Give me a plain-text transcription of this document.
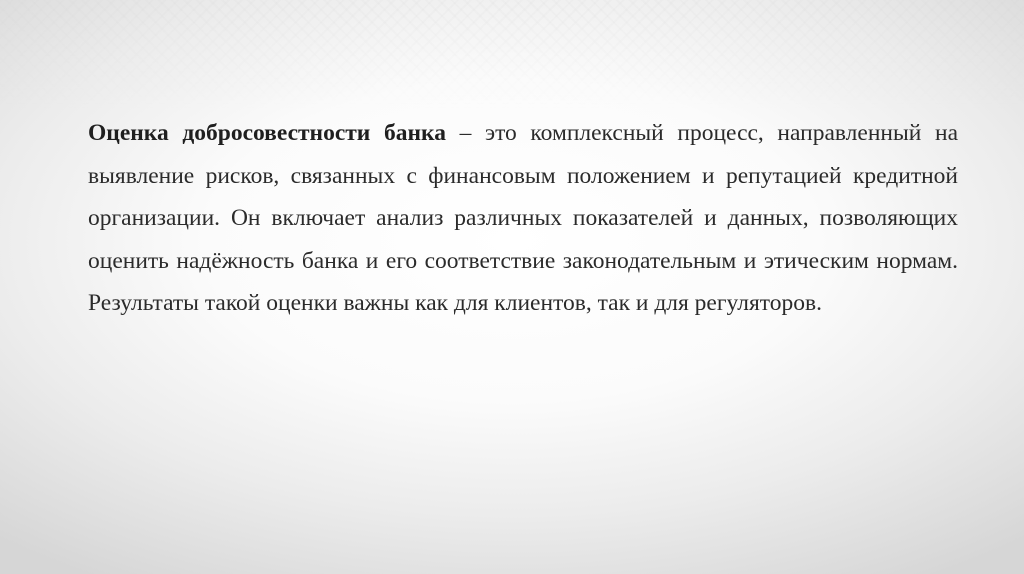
Оценка добросовестности банка – это комплексный процесс, направленный на выявление рисков, связанных с финансовым положением и репутацией кредитной организации. Он включает анализ различных показателей и данных, позволяющих оценить надёжность банка и его соответствие законодательным и этическим нормам. Результаты такой оценки важны как для клиентов, так и для регуляторов.
